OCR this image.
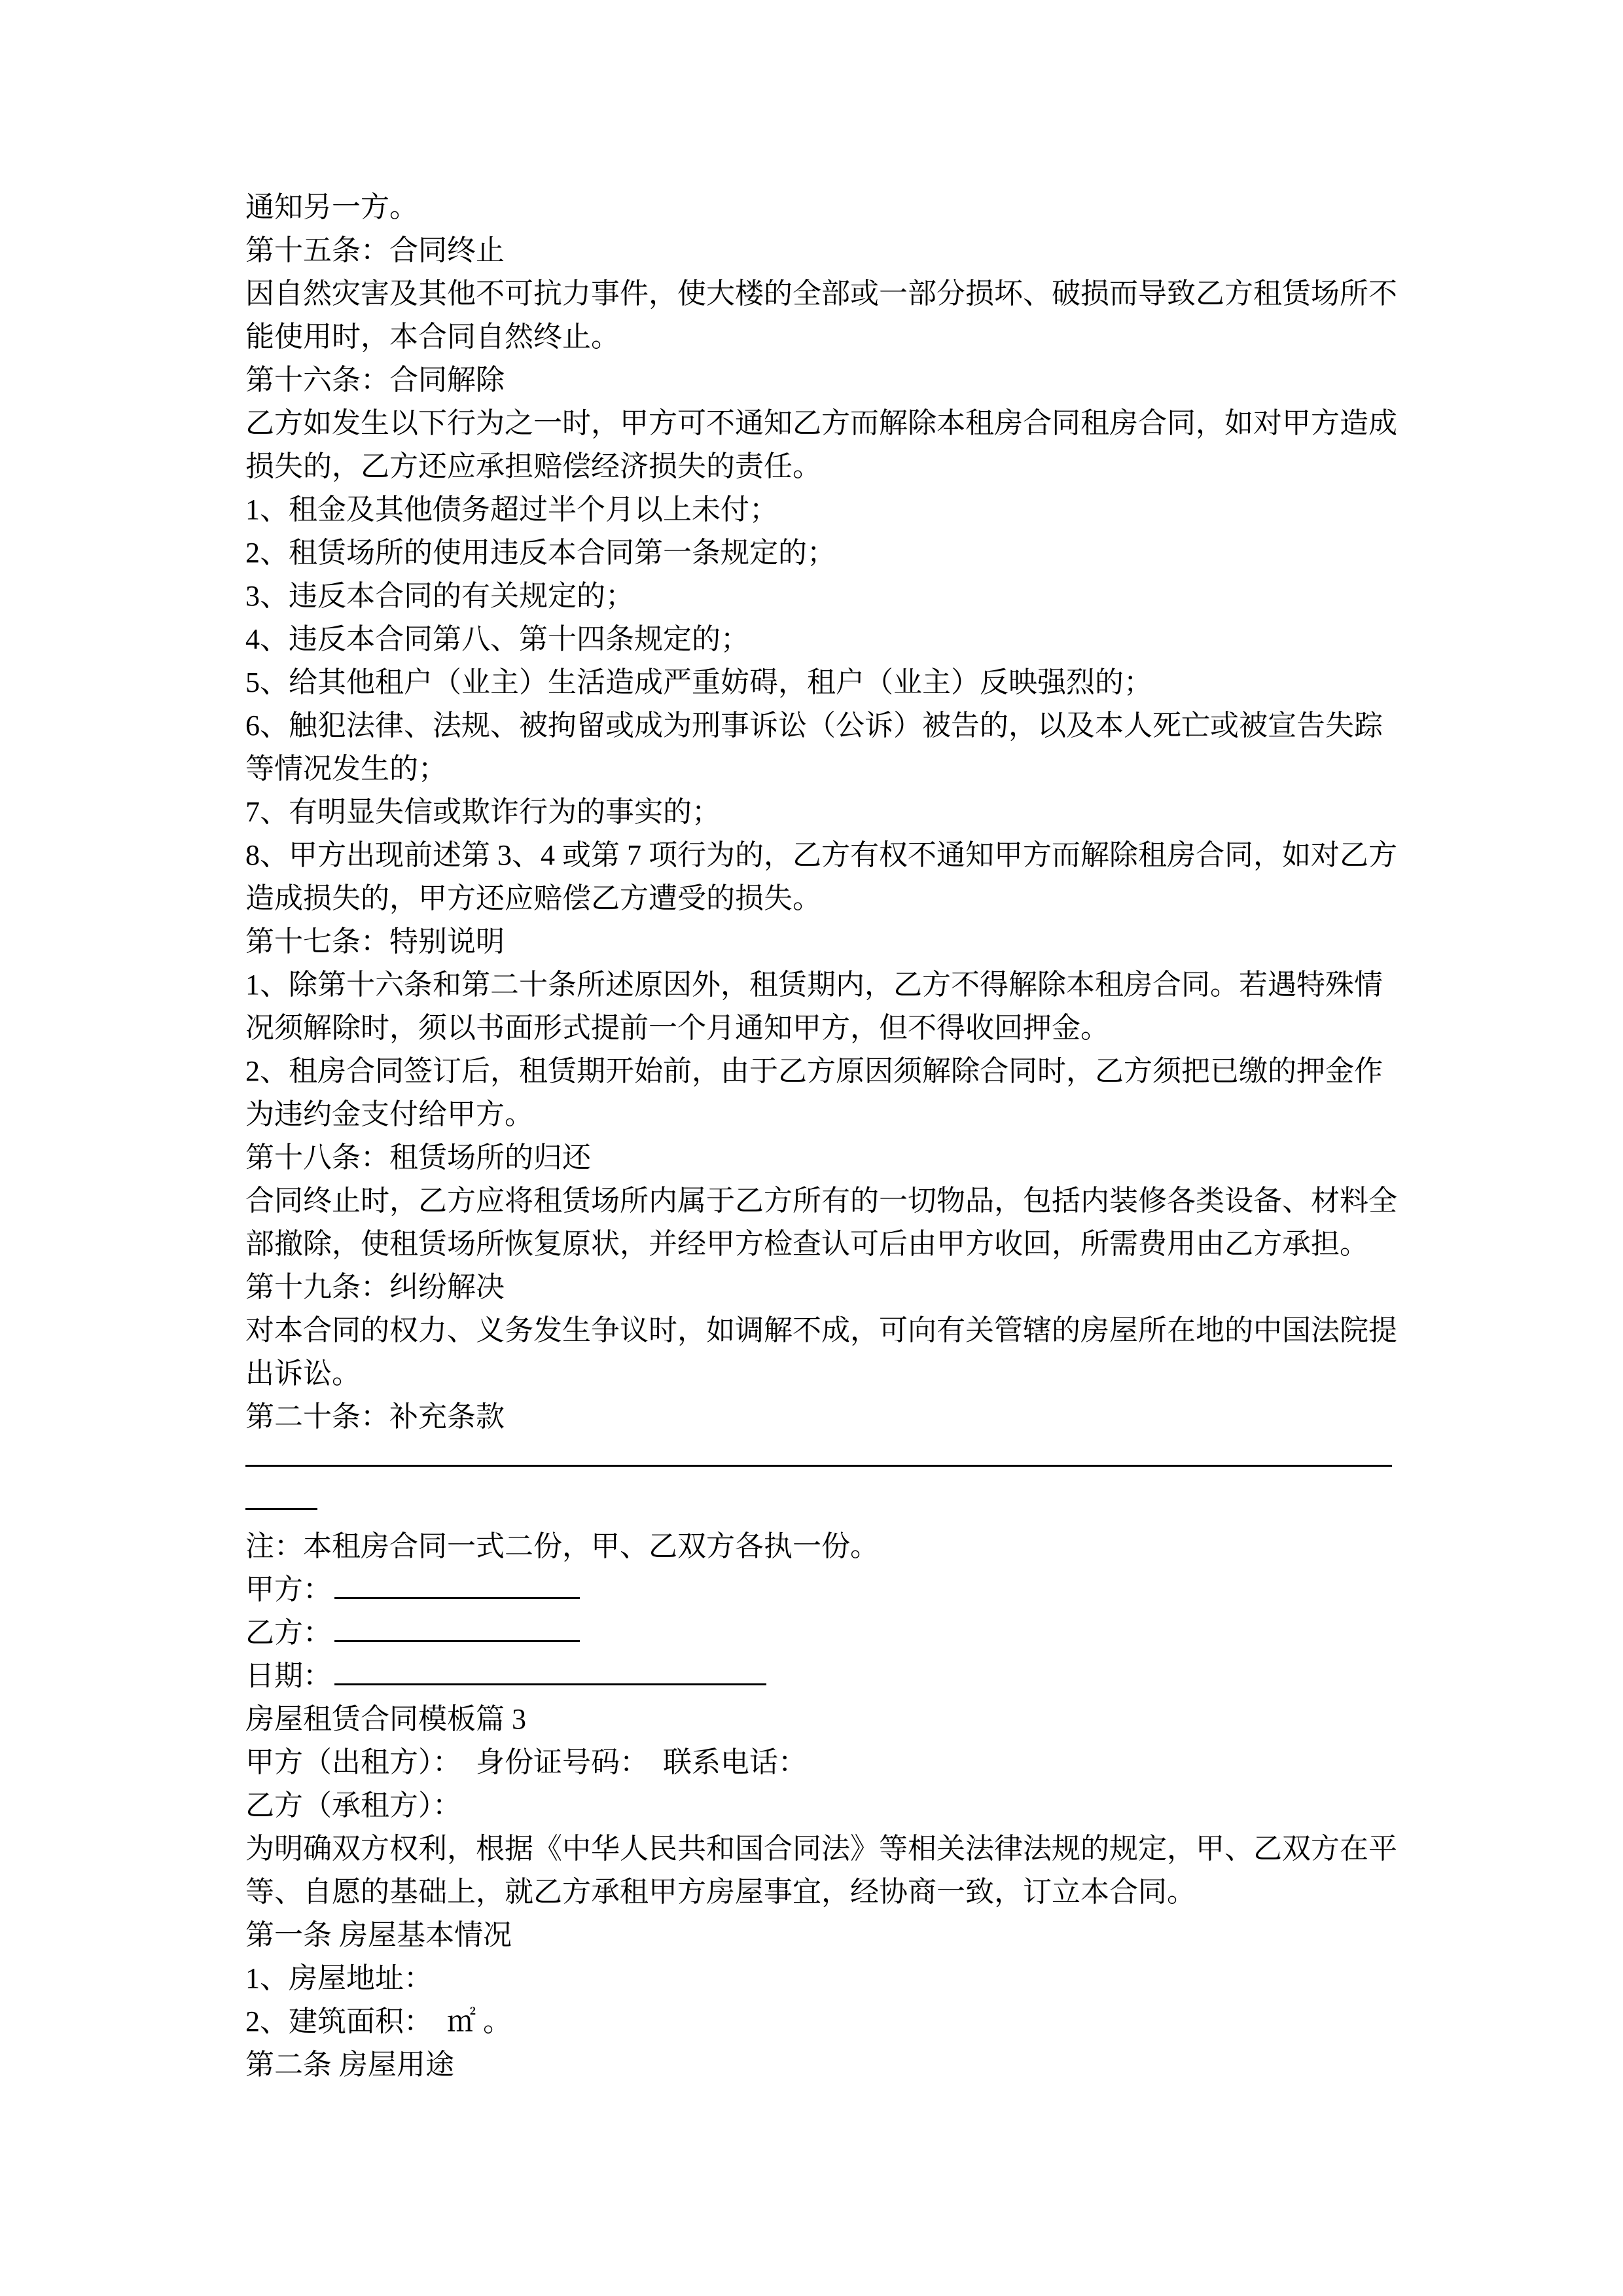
通知另一方。
第十五条：合同终止
因自然灾害及其他不可抗力事件，使大楼的全部或一部分损坏、破损而导致乙方租赁场所不
能使用时，本合同自然终止。
第十六条：合同解除
乙方如发生以下行为之一时，甲方可不通知乙方而解除本租房合同租房合同，如对甲方造成
损失的，乙方还应承担赔偿经济损失的责任。
1、租金及其他债务超过半个月以上未付；
2、租赁场所的使用违反本合同第一条规定的；
3、违反本合同的有关规定的；
4、违反本合同第八、第十四条规定的；
5、给其他租户（业主）生活造成严重妨碍，租户（业主）反映强烈的；
6、触犯法律、法规、被拘留或成为刑事诉讼（公诉）被告的，以及本人死亡或被宣告失踪
等情况发生的；
7、有明显失信或欺诈行为的事实的；
8、甲方出现前述第 3、4 或第 7 项行为的，乙方有权不通知甲方而解除租房合同，如对乙方
造成损失的，甲方还应赔偿乙方遭受的损失。
第十七条：特别说明
1、除第十六条和第二十条所述原因外，租赁期内，乙方不得解除本租房合同。若遇特殊情
况须解除时，须以书面形式提前一个月通知甲方，但不得收回押金。
2、租房合同签订后，租赁期开始前，由于乙方原因须解除合同时，乙方须把已缴的押金作
为违约金支付给甲方。
第十八条：租赁场所的归还
合同终止时，乙方应将租赁场所内属于乙方所有的一切物品，包括内装修各类设备、材料全
部撤除，使租赁场所恢复原状，并经甲方检查认可后由甲方收回，所需费用由乙方承担。
第十九条：纠纷解决
对本合同的权力、义务发生争议时，如调解不成，可向有关管辖的房屋所在地的中国法院提
出诉讼。
第二十条：补充条款
注：本租房合同一式二份，甲、乙双方各执一份。
甲方：
乙方：
日期：
房屋租赁合同模板篇 3
甲方（出租方）：　身份证号码：　联系电话：
乙方（承租方）：
为明确双方权利，根据《中华人民共和国合同法》等相关法律法规的规定，甲、乙双方在平
等、自愿的基础上，就乙方承租甲方房屋事宜，经协商一致，订立本合同。
第一条 房屋基本情况
1、房屋地址：
2、建筑面积：　㎡ 。
第二条 房屋用途
